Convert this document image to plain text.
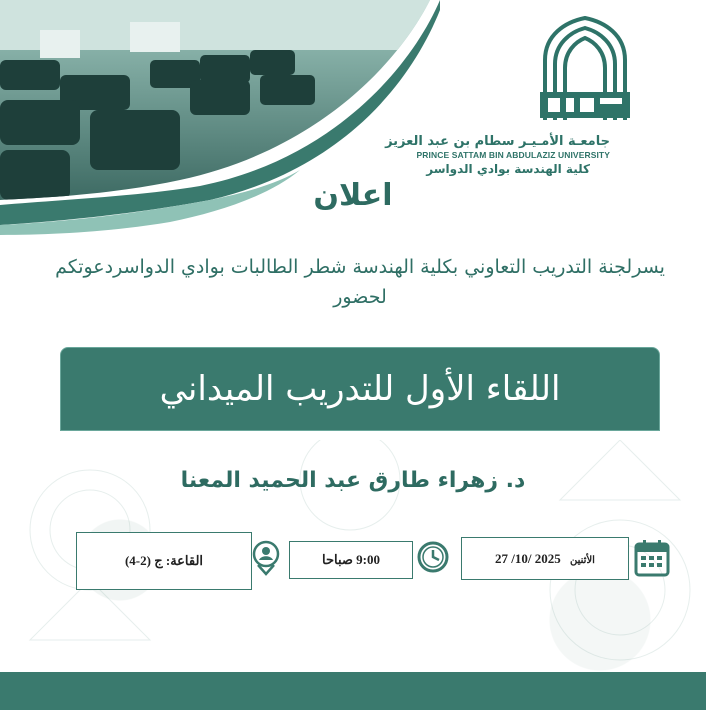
جامعـة الأمـيـر سطام بن عبد العزيز
PRINCE SATTAM BIN ABDULAZIZ UNIVERSITY
كلية الهندسة بوادي الدواسر
اعلان
يسرلجنة التدريب التعاوني بكلية الهندسة شطر الطالبات بوادي الدواسردعوتكم لحضور
اللقاء الأول للتدريب الميداني
د. زهراء طارق عبد الحميد المعنا
القاعة: ج (2-4)	9:00 صباحا	الأثنين 27 /10/ 2025
